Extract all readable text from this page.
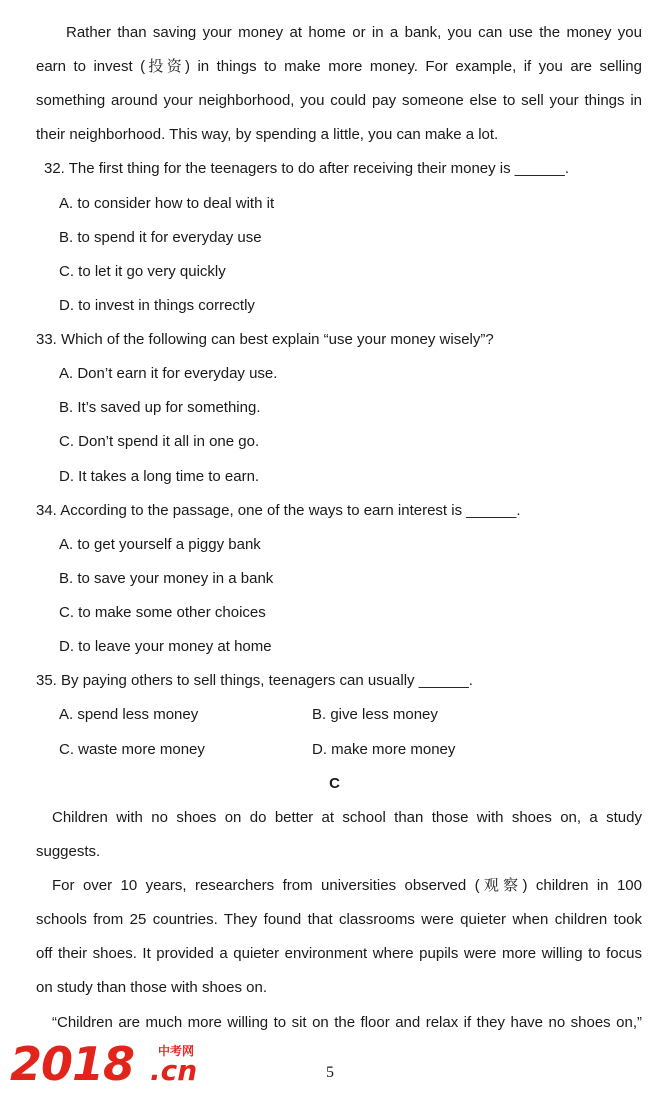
Rather than saving your money at home or in a bank, you can use the money you
earn to invest (投资) in things to make more money. For example, if you are selling
something around your neighborhood, you could pay someone else to sell your things in
their neighborhood. This way, by spending a little, you can make a lot.
32. The first thing for the teenagers to do after receiving their money is ______.
A. to consider how to deal with it
B. to spend it for everyday use
C. to let it go very quickly
D. to invest in things correctly
33. Which of the following can best explain “use your money wisely”?
A. Don’t earn it for everyday use.
B. It’s saved up for something.
C. Don’t spend it all in one go.
D. It takes a long time to earn.
34. According to the passage, one of the ways to earn interest is ______.
A. to get yourself a piggy bank
B. to save your money in a bank
C. to make some other choices
D. to leave your money at home
35. By paying others to sell things, teenagers can usually ______.
A. spend less money	B. give less money
C. waste more money	D. make more money
C
Children with no shoes on do better at school than those with shoes on, a study
suggests.
For over 10 years, researchers from universities observed (观察) children in 100
schools from 25 countries. They found that classrooms were quieter when children took
off their shoes. It provided a quieter environment where pupils were more willing to focus
on study than those with shoes on.
“Children are much more willing to sit on the floor and relax if they have no shoes on,”
5
2018 中考网
.cn
